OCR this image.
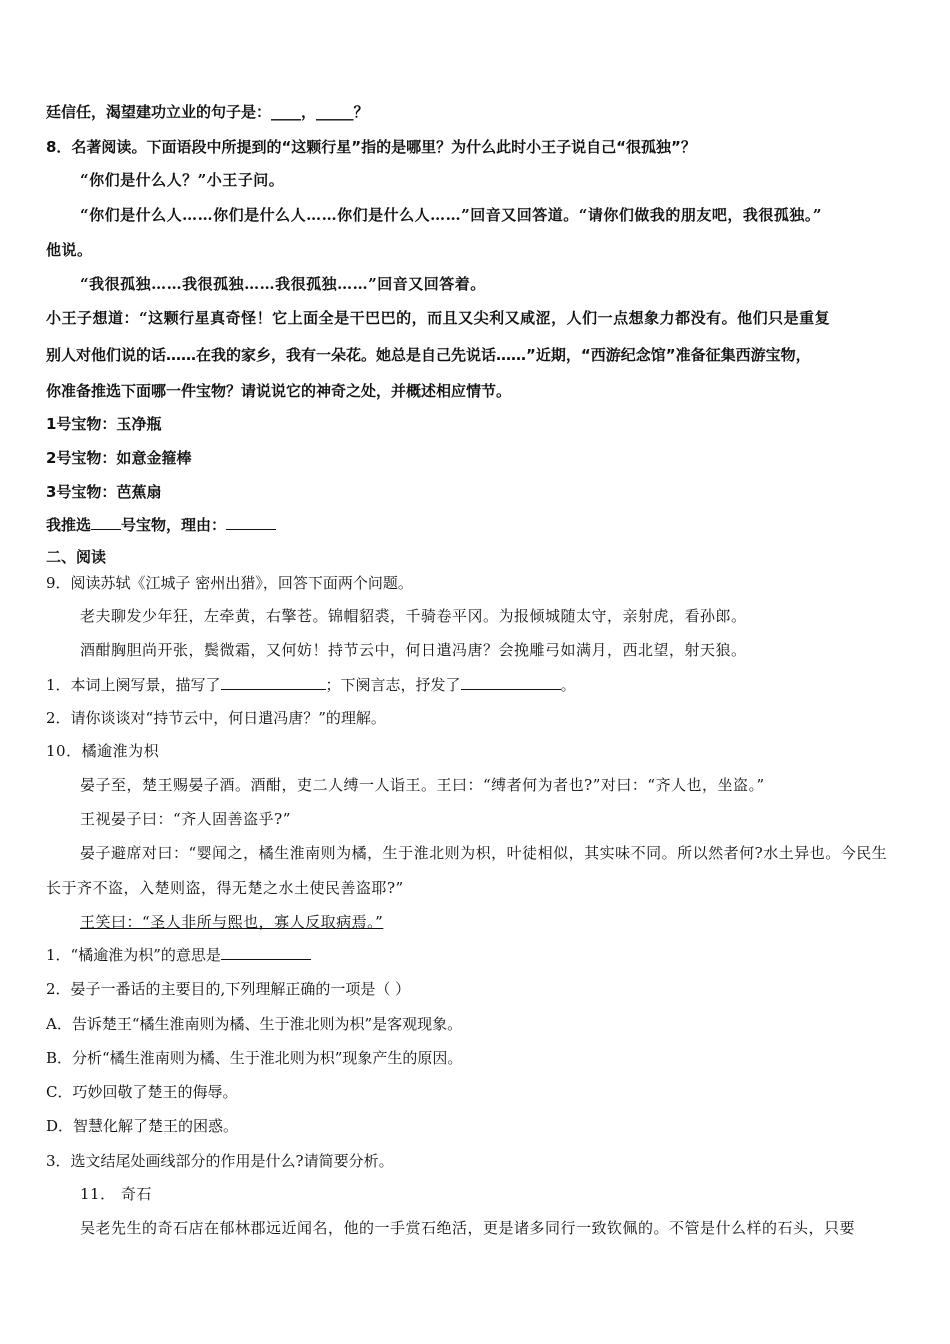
廷信任，渴望建功立业的句子是：____，_____？
8．名著阅读。下面语段中所提到的“这颗行星”指的是哪里？为什么此时小王子说自己“很孤独”？
“你们是什么人？”小王子问。
“你们是什么人……你们是什么人……你们是什么人……”回音又回答道。“请你们做我的朋友吧，我很孤独。”
他说。
“我很孤独……我很孤独……我很孤独……”回音又回答着。
小王子想道：“这颗行星真奇怪！它上面全是干巴巴的，而且又尖利又咸涩，人们一点想象力都没有。他们只是重复
别人对他们说的话……在我的家乡，我有一朵花。她总是自己先说话……”近期，“西游纪念馆”准备征集西游宝物，
你准备推选下面哪一件宝物？请说说它的神奇之处，并概述相应情节。
1号宝物：玉净瓶
2号宝物：如意金箍棒
3号宝物：芭蕉扇
我推选 号宝物，理由：
二、阅读
9．阅读苏轼《江城子 密州出猎》，回答下面两个问题。
老夫聊发少年狂，左牵黄，右擎苍。锦帽貂裘，千骑卷平冈。为报倾城随太守，亲射虎，看孙郎。
酒酣胸胆尚开张，鬓微霜，又何妨！持节云中，何日遣冯唐？会挽雕弓如满月，西北望，射天狼。
1．本词上阕写景，描写了	；下阕言志，抒发了	。
2．请你谈谈对“持节云中，何日遣冯唐？”的理解。
10．橘逾淮为枳
晏子至，楚王赐晏子酒。酒酣，吏二人缚一人诣王。王曰：“缚者何为者也?”对曰：“齐人也，坐盗。”
王视晏子曰：“齐人固善盗乎?”
晏子避席对曰：“婴闻之，橘生淮南则为橘，生于淮北则为枳，叶徒相似，其实味不同。所以然者何?水土异也。今民生
长于齐不盗，入楚则盗，得无楚之水土使民善盗耶?”
王笑曰：“圣人非所与熙也，寡人反取病焉。”
1．“橘逾淮为枳”的意思是
2．晏子一番话的主要目的,下列理解正确的一项是（ ）
A．告诉楚王“橘生淮南则为橘、生于淮北则为枳”是客观现象。
B．分析“橘生淮南则为橘、生于淮北则为枳”现象产生的原因。
C．巧妙回敬了楚王的侮辱。
D．智慧化解了楚王的困惑。
3．选文结尾处画线部分的作用是什么?请简要分析。
11． 奇石
吴老先生的奇石店在郁林郡远近闻名，他的一手赏石绝活，更是诸多同行一致钦佩的。不管是什么样的石头，只要
